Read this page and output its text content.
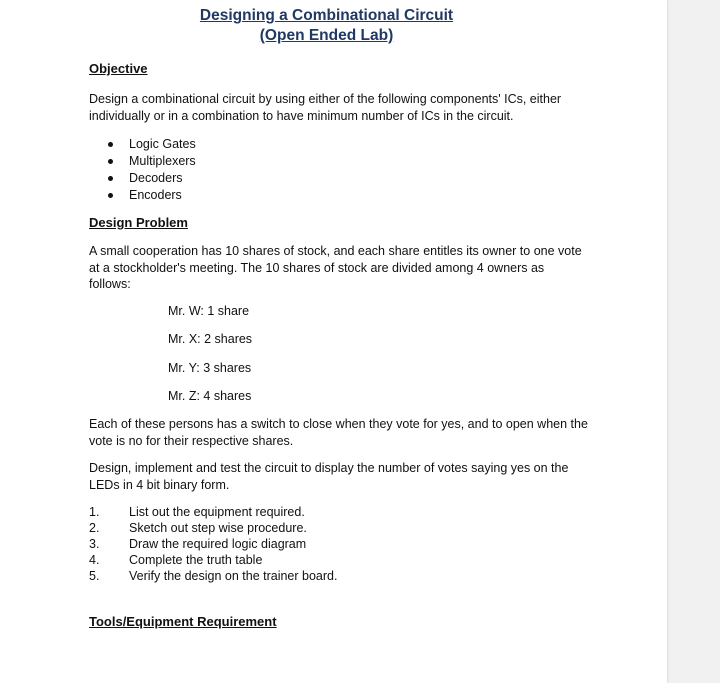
Designing a Combinational Circuit
(Open Ended Lab)
Objective
Design a combinational circuit by using either of the following components' ICs, either individually or in a combination to have minimum number of ICs in the circuit.
Logic Gates
Multiplexers
Decoders
Encoders
Design Problem
A small cooperation has 10 shares of stock, and each share entitles its owner to one vote at a stockholder's meeting. The 10 shares of stock are divided among 4 owners as follows:
Mr. W: 1 share
Mr. X: 2 shares
Mr. Y: 3 shares
Mr. Z: 4 shares
Each of these persons has a switch to close when they vote for yes, and to open when the vote is no for their respective shares.
Design, implement and test the circuit to display the number of votes saying yes on the LEDs in 4 bit binary form.
1. List out the equipment required.
2. Sketch out step wise procedure.
3. Draw the required logic diagram
4. Complete the truth table
5. Verify the design on the trainer board.
Tools/Equipment Requirement
